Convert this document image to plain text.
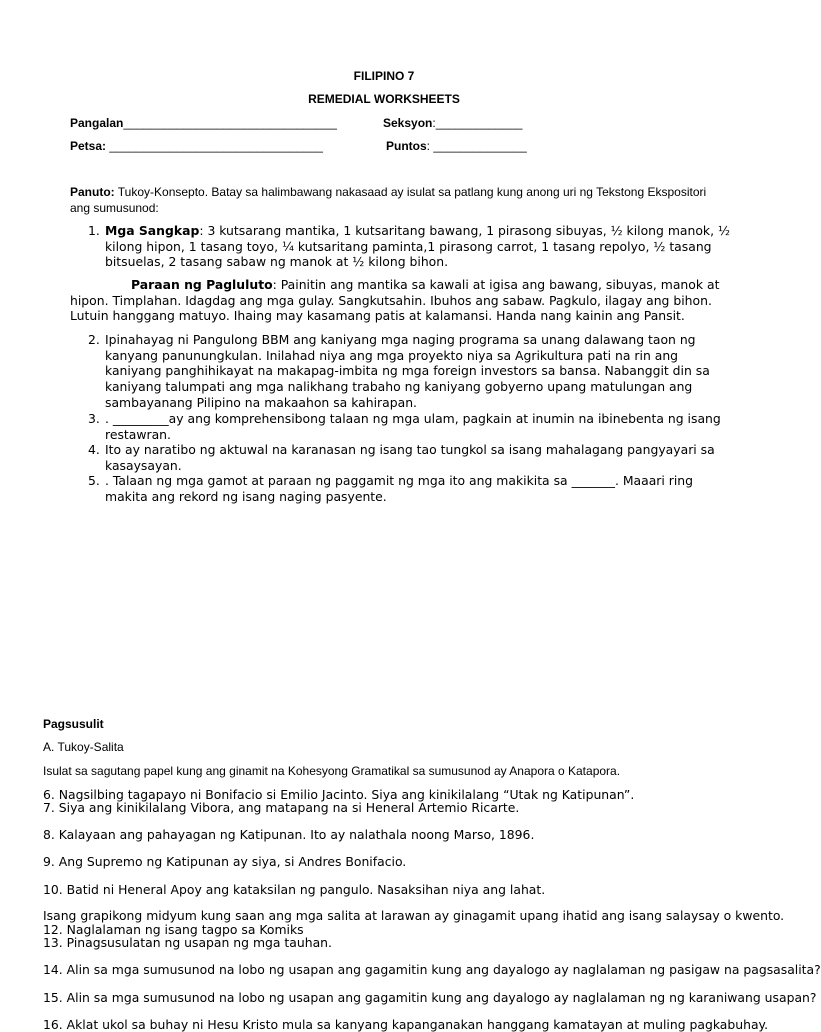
FILIPINO 7
REMEDIAL WORKSHEETS
Pangalan________________________________	Seksyon:_____________
Petsa: ________________________________	Puntos: ______________
Panuto: Tukoy-Konsepto. Batay sa halimbawang nakasaad ay isulat sa patlang kung anong uri ng Tekstong Ekspositori
ang sumusunod:
1. Mga Sangkap: 3 kutsarang mantika, 1 kutsaritang bawang, 1 pirasong sibuyas, ½ kilong manok, ½
kilong hipon, 1 tasang toyo, ¼ kutsaritang paminta,1 pirasong carrot, 1 tasang repolyo, ½ tasang
bitsuelas, 2 tasang sabaw ng manok at ½ kilong bihon.
Paraan ng Pagluluto: Painitin ang mantika sa kawali at igisa ang bawang, sibuyas, manok at
hipon. Timplahan. Idagdag ang mga gulay. Sangkutsahin. Ibuhos ang sabaw. Pagkulo, ilagay ang bihon.
Lutuin hanggang matuyo. Ihaing may kasamang patis at kalamansi. Handa nang kainin ang Pansit.
2. Ipinahayag ni Pangulong BBM ang kaniyang mga naging programa sa unang dalawang taon ng
kanyang panunungkulan. Inilahad niya ang mga proyekto niya sa Agrikultura pati na rin ang
kaniyang panghihikayat na makapag-imbita ng mga foreign investors sa bansa. Nabanggit din sa
kaniyang talumpati ang mga nalikhang trabaho ng kaniyang gobyerno upang matulungan ang
sambayanang Pilipino na makaahon sa kahirapan.
3. . _________ay ang komprehensibong talaan ng mga ulam, pagkain at inumin na ibinebenta ng isang
restawran.
4. Ito ay naratibo ng aktuwal na karanasan ng isang tao tungkol sa isang mahalagang pangyayari sa
kasaysayan.
5. . Talaan ng mga gamot at paraan ng paggamit ng mga ito ang makikita sa _______. Maaari ring
makita ang rekord ng isang naging pasyente.
Pagsusulit
A. Tukoy-Salita
Isulat sa sagutang papel kung ang ginamit na Kohesyong Gramatikal sa sumusunod ay Anapora o Katapora.
6. Nagsilbing tagapayo ni Bonifacio si Emilio Jacinto. Siya ang kinikilalang “Utak ng Katipunan”.
7. Siya ang kinikilalang Vibora, ang matapang na si Heneral Artemio Ricarte.
8. Kalayaan ang pahayagan ng Katipunan. Ito ay nalathala noong Marso, 1896.
9. Ang Supremo ng Katipunan ay siya, si Andres Bonifacio.
10. Batid ni Heneral Apoy ang kataksilan ng pangulo. Nasaksihan niya ang lahat.
Isang grapikong midyum kung saan ang mga salita at larawan ay ginagamit upang ihatid ang isang salaysay o kwento.
12. Naglalaman ng isang tagpo sa Komiks
13. Pinagsusulatan ng usapan ng mga tauhan.
14. Alin sa mga sumusunod na lobo ng usapan ang gagamitin kung ang dayalogo ay naglalaman ng pasigaw na pagsasalita?
15. Alin sa mga sumusunod na lobo ng usapan ang gagamitin kung ang dayalogo ay naglalaman ng ng karaniwang usapan?
16. Aklat ukol sa buhay ni Hesu Kristo mula sa kanyang kapanganakan hanggang kamatayan at muling pagkabuhay.
